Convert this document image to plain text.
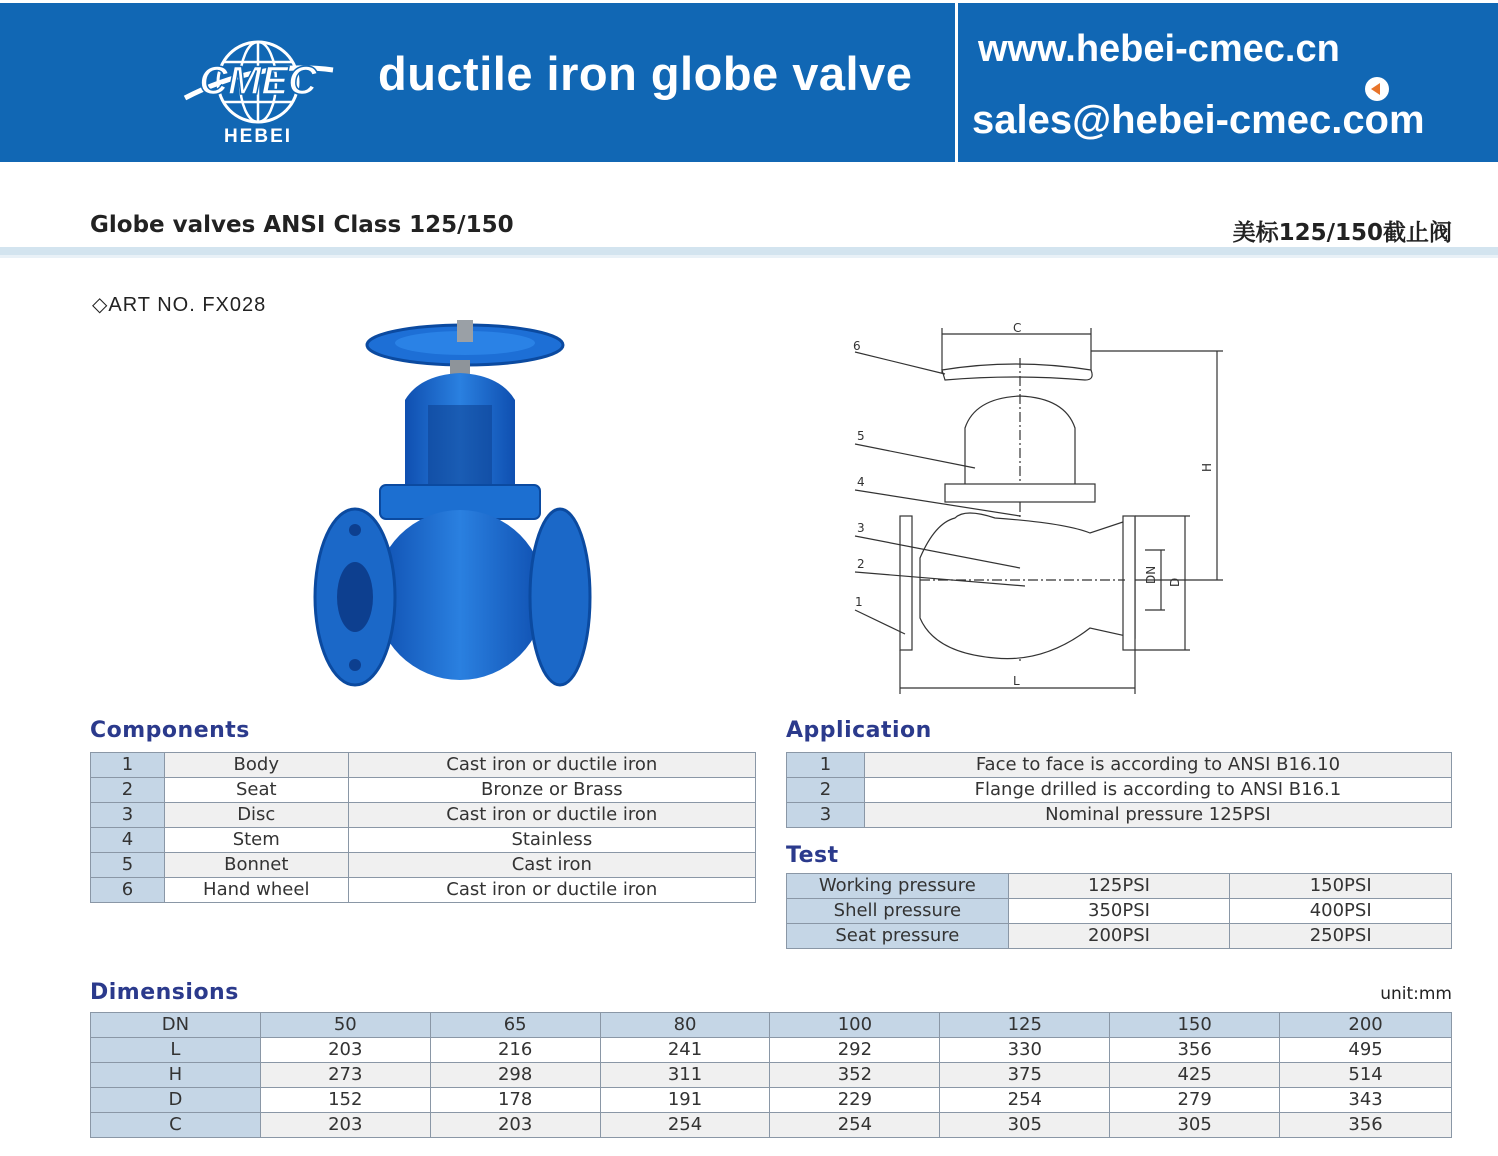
CMEC
HEBEI
ductile iron globe valve www.hebei-cmec.cn
sales@hebei-cmec.com
Globe valves ANSI Class 125/150	美标125/150截止阀
◇ART NO. FX028
C
H
DN D
L
1
2
3
4
5
6
Components
1	Body	Cast iron or ductile iron
2	Seat	Bronze or Brass
3	Disc	Cast iron or ductile iron
4	Stem	Stainless
5	Bonnet	Cast iron
6	Hand wheel	Cast iron or ductile iron
Application
1	Face to face is according to ANSI B16.10
2	Flange drilled is according to ANSI B16.1
3	Nominal pressure 125PSI
Test
Working pressure	125PSI	150PSI
Shell pressure	350PSI	400PSI
Seat pressure	200PSI	250PSI
Dimensions	unit:mm
DN	50	65	80	100	125	150	200
L	203	216	241	292	330	356	495
H	273	298	311	352	375	425	514
D	152	178	191	229	254	279	343
C	203	203	254	254	305	305	356
